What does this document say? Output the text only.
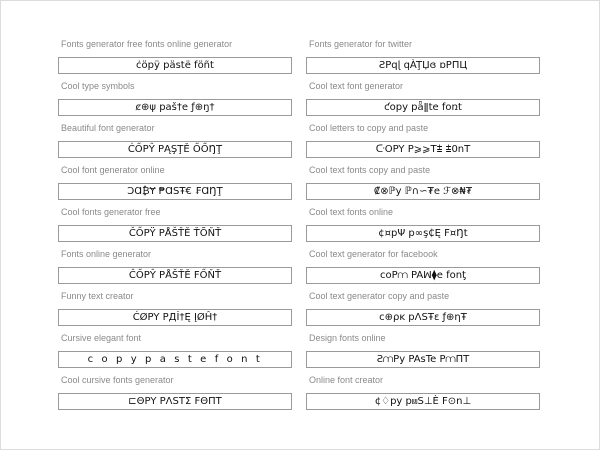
Fonts generator free fonts online generator
ċöpÿ pästë föñt
Cool type symbols
ȼ⊕ψ paš†e ƒ⊕ŋ†
Beautiful font generator
ĆŐPŶ PĄŞŢĚ ŐŐŊŢ
Cool font generator online
ƆⱭ₿Ɏ ₱ⱭSŦ€ ₣ⱭŊŢ
Cool fonts generator free
ČŐPŸ PÅŠŤĚ ŤÕŇŤ
Fonts online generator
ĈŐPŶ PÅŠŤĚ FŐŇŤ
Funny text creator
ĆØPY PДİ†Ę ĮØĤ†
Cursive elegant font
c o p y p a s t e f o n t
Cool cursive fonts generator
⊏ΘPY PΛSTΣ FΘПT
Fonts generator for twitter
ƧPqɭ qÀŢЏɞ ɒPПЦ
Cool text font generator
ƈopy pǟǁte foռt
Cool letters to copy and paste
ᑢOPY P⩾⩾T⩲ ⩲0nT
Cool text fonts copy and paste
₡⊗ℙy ℙ∩∽₮e ℱ⊗₦₮
Cool text fonts online
¢¤pΨ p∞ş₵Ę F¤Ŋt
Cool text generator for facebook
coP⩋ PAꟽ⧫e fonƫ
Cool text generator copy and paste
c⊕ρĸ pΛSŦε ƒ⊕ηŦ
Design fonts online
Ƨ⩋Py PAsTe P⩋ΠT
Online font creator
¢♢py p⩏S⊥È F⊙n⊥
